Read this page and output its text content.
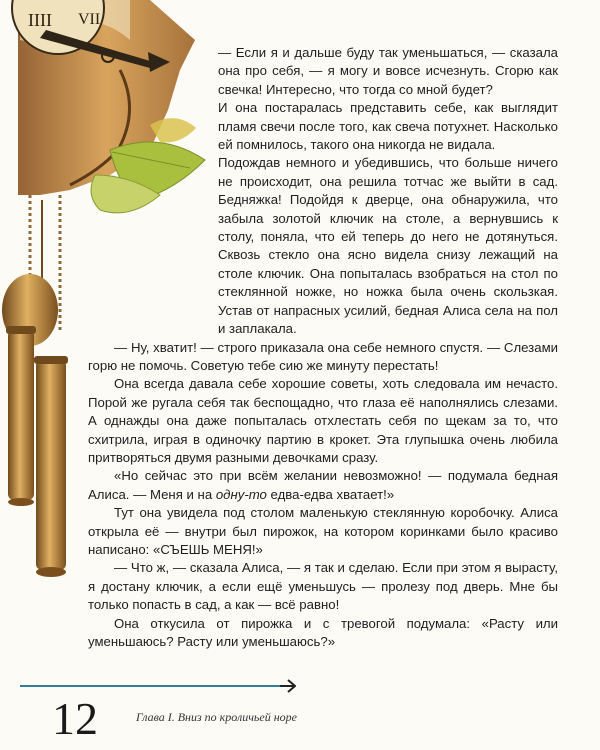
IIII VII

— Если я и дальше буду так уменьшаться, — сказала она про себя, — я могу и вовсе исчезнуть. Сгорю как свечка! Интересно, что тогда со мной будет?

И она постаралась представить себе, как выглядит пламя свечи после того, как свеча потухнет. Насколько ей помнилось, такого она никогда не видала.

Подождав немного и убедившись, что больше ничего не происходит, она решила тотчас же выйти в сад. Бедняжка! Подойдя к дверце, она обнаружила, что забыла золотой ключик на столе, а вернувшись к столу, поняла, что ей теперь до него не дотянуться. Сквозь стекло она ясно видела снизу лежащий на столе ключик. Она попыталась взобраться на стол по стеклянной ножке, но ножка была очень скользкая. Устав от напрасных усилий, бедная Алиса села на пол и заплакала.

— Ну, хватит! — строго приказала она себе немного спустя. — Слезами горю не помочь. Советую тебе сию же минуту перестать!

Она всегда давала себе хорошие советы, хоть следовала им нечасто. Порой же ругала себя так беспощадно, что глаза её наполнялись слезами. А однажды она даже попыталась отхлестать себя по щекам за то, что схитрила, играя в одиночку партию в крокет. Эта глупышка очень любила притворяться двумя разными девочками сразу.

«Но сейчас это при всём желании невозможно! — подумала бедная Алиса. — Меня и на одну-то едва-едва хватает!»

Тут она увидела под столом маленькую стеклянную коробочку. Алиса открыла её — внутри был пирожок, на котором коринками было красиво написано: «СЪЕШЬ МЕНЯ!»

— Что ж, — сказала Алиса, — я так и сделаю. Если при этом я вырасту, я достану ключик, а если ещё уменьшусь — пролезу под дверь. Мне бы только попасть в сад, а как — всё равно!

Она откусила от пирожка и с тревогой подумала: «Расту или уменьшаюсь? Расту или уменьшаюсь?»

12	Глава I. Вниз по кроличьей норе
